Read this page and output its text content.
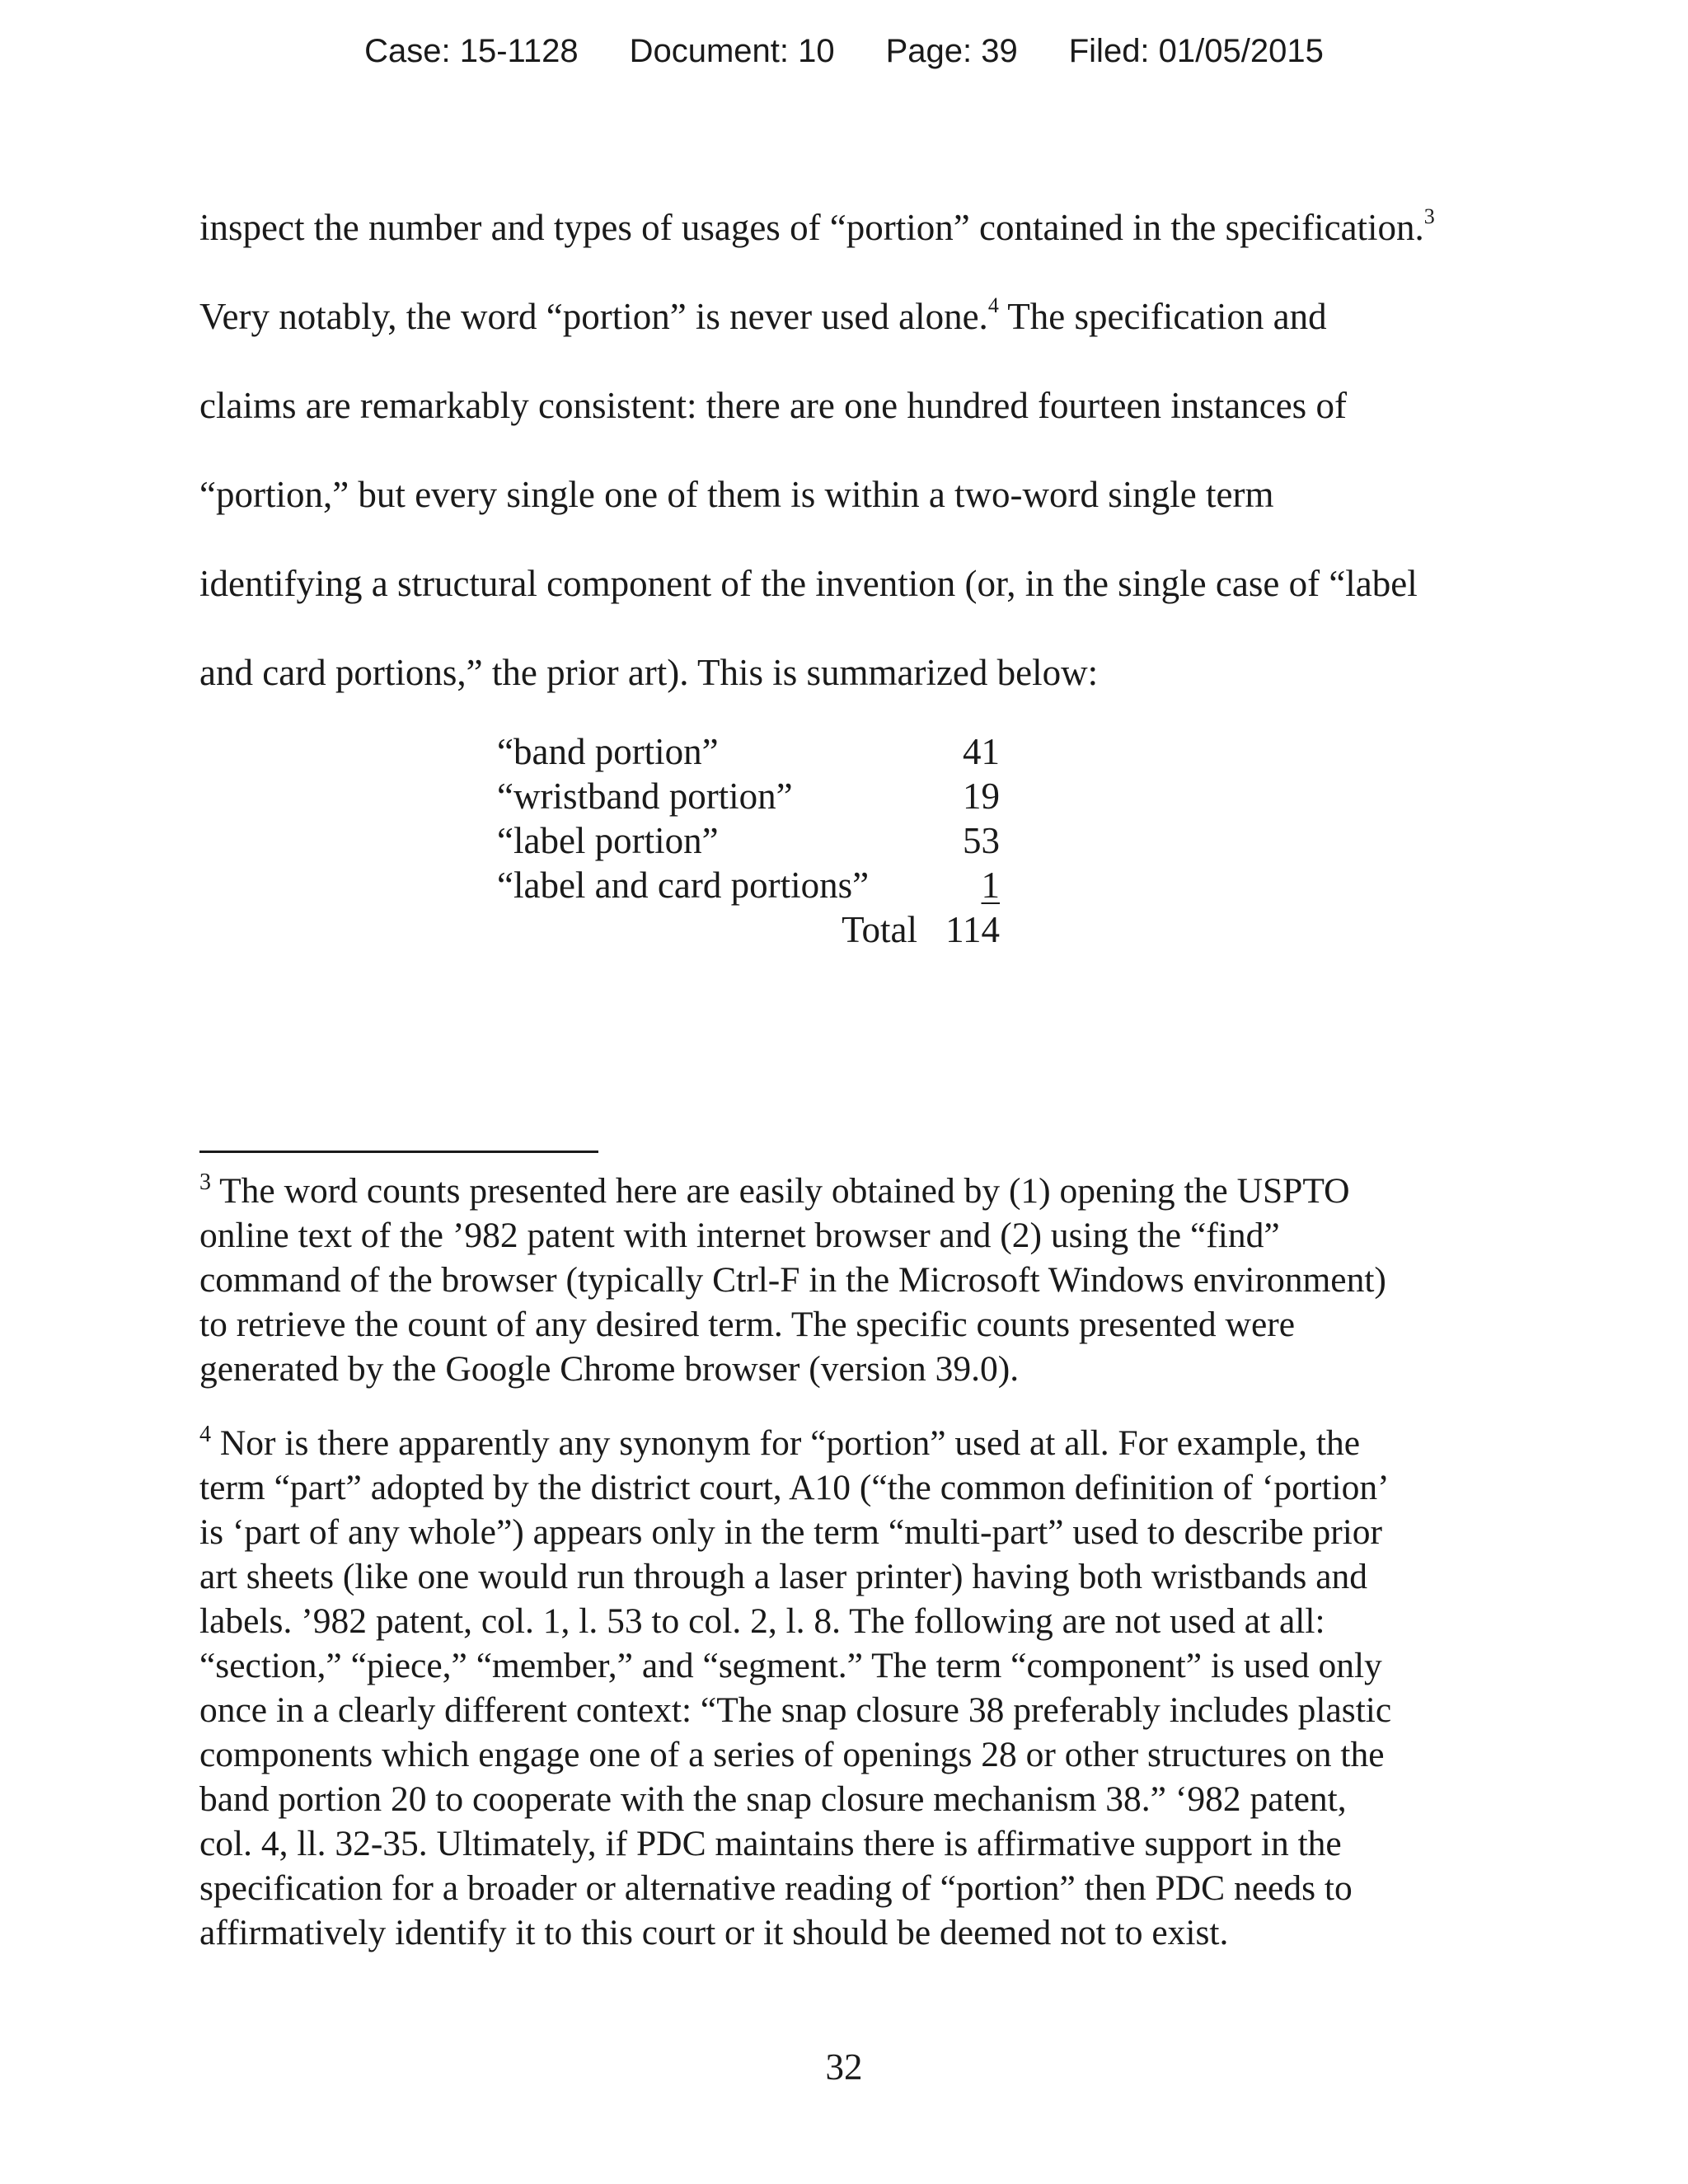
Case: 15-1128 Document: 10 Page: 39 Filed: 01/05/2015
inspect the number and types of usages of “portion” contained in the specification.$^3$
Very notably, the word “portion” is never used alone.$^4$ The specification and
claims are remarkably consistent: there are one hundred fourteen instances of
“portion,” but every single one of them is within a two-word single term
identifying a structural component of the invention (or, in the single case of “label
and card portions,” the prior art). This is summarized below:
“band portion”	41
“wristband portion”	19
“label portion”	53
“label and card portions”	1
Total 114
$^3$ The word counts presented here are easily obtained by (1) opening the USPTO
online text of the ’982 patent with internet browser and (2) using the “find”
command of the browser (typically Ctrl-F in the Microsoft Windows environment)
to retrieve the count of any desired term. The specific counts presented were
generated by the Google Chrome browser (version 39.0).
$^4$ Nor is there apparently any synonym for “portion” used at all. For example, the
term “part” adopted by the district court, A10 (“the common definition of ‘portion’
is ‘part of any whole”) appears only in the term “multi-part” used to describe prior
art sheets (like one would run through a laser printer) having both wristbands and
labels. ’982 patent, col. 1, l. 53 to col. 2, l. 8. The following are not used at all:
“section,” “piece,” “member,” and “segment.” The term “component” is used only
once in a clearly different context: “The snap closure 38 preferably includes plastic
components which engage one of a series of openings 28 or other structures on the
band portion 20 to cooperate with the snap closure mechanism 38.” ‘982 patent,
col. 4, ll. 32-35. Ultimately, if PDC maintains there is affirmative support in the
specification for a broader or alternative reading of “portion” then PDC needs to
affirmatively identify it to this court or it should be deemed not to exist.
32
